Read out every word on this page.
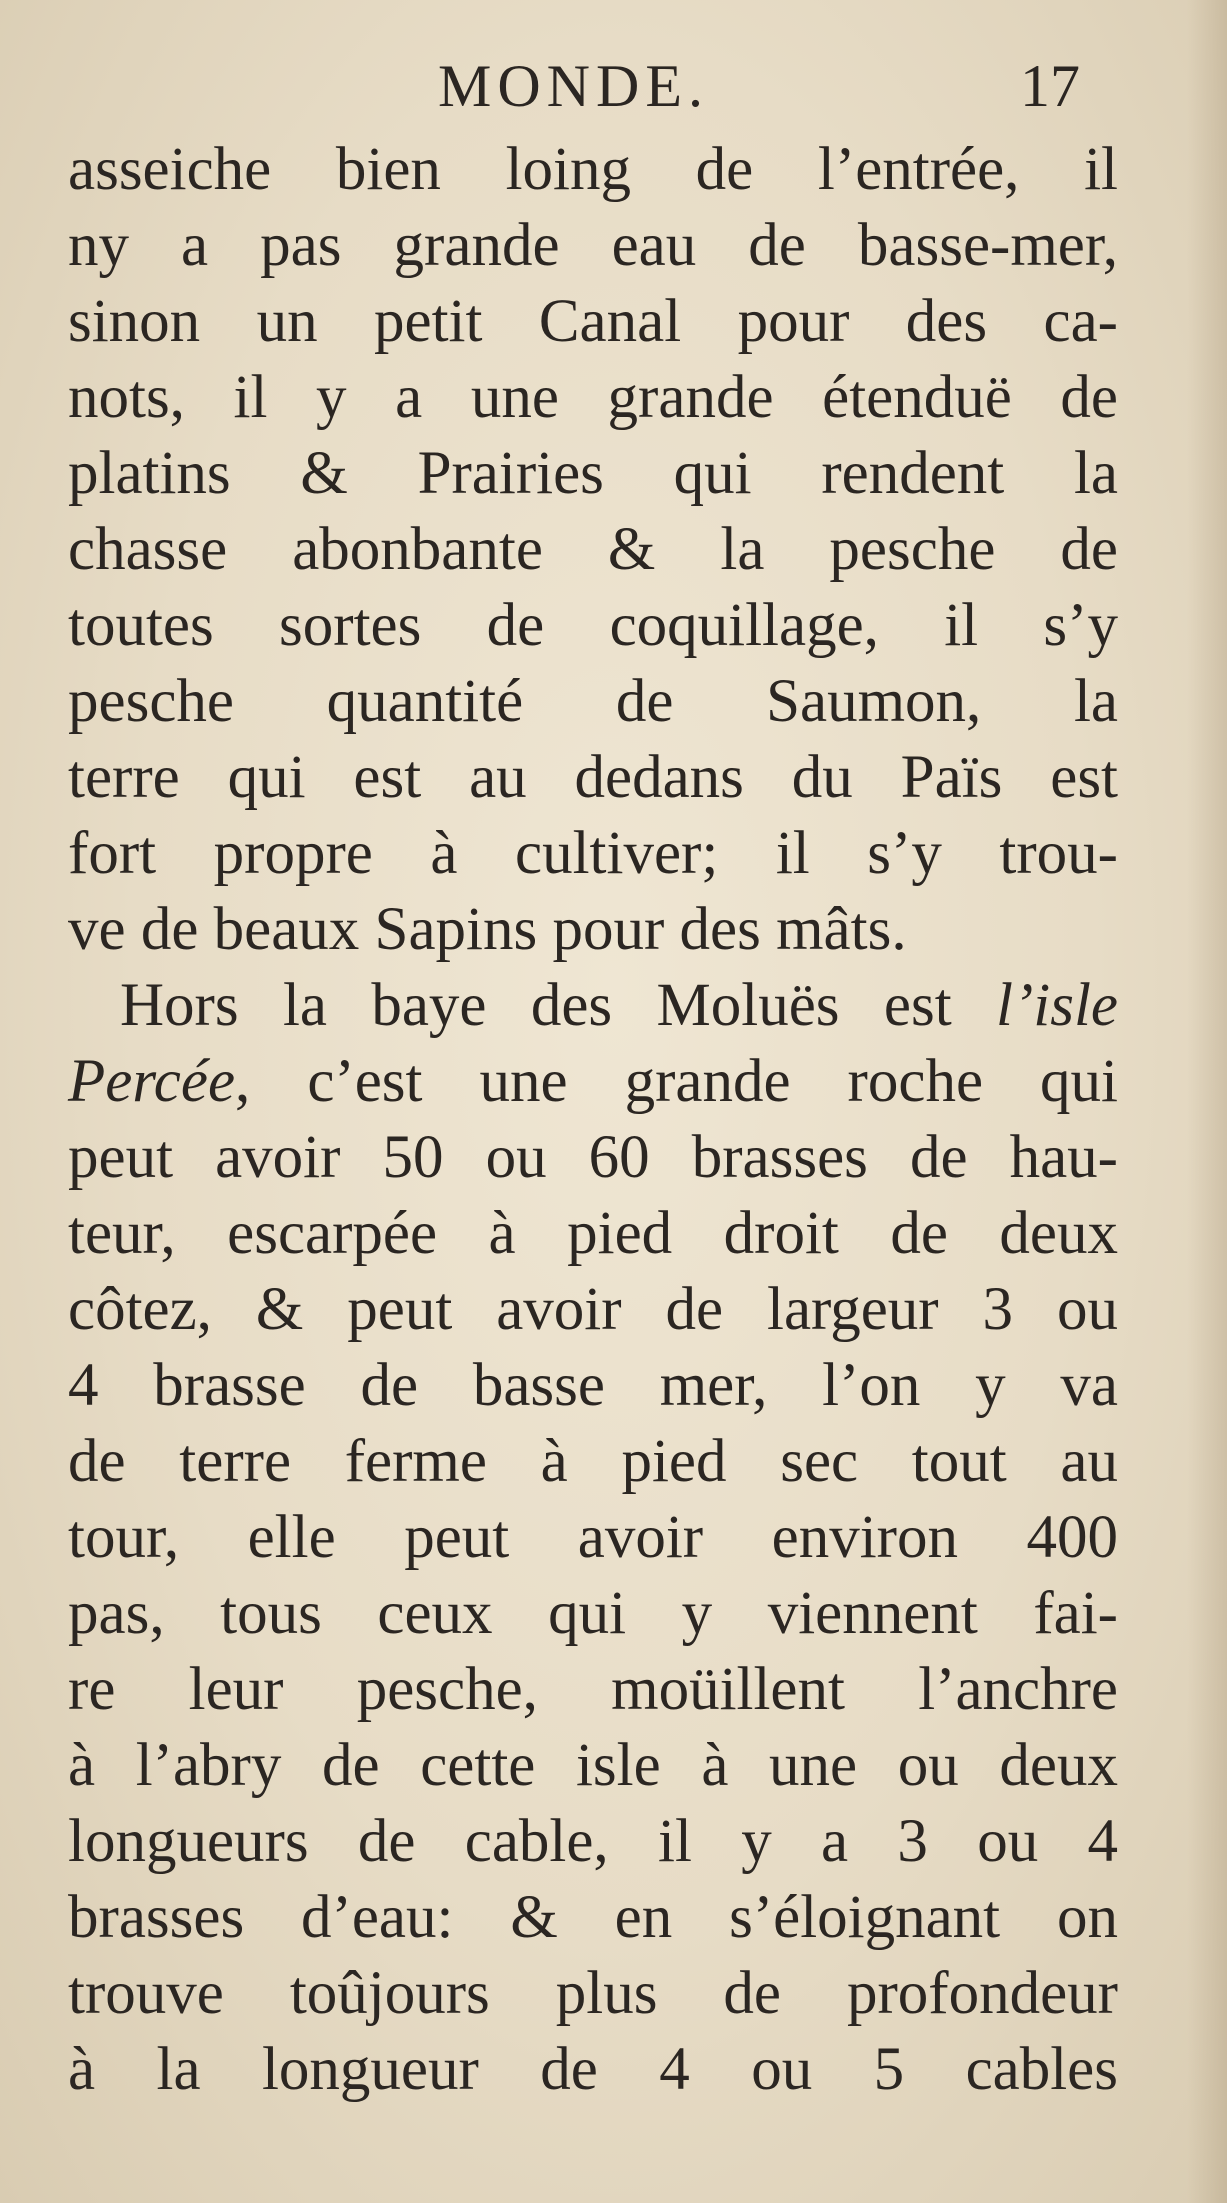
MONDE.	17
asseiche bien loing de l’entrée, il
ny a pas grande eau de basse-mer,
sinon un petit Canal pour des ca-
nots, il y a une grande étenduë de
platins & Prairies qui rendent la
chasse abonbante & la pesche de
toutes sortes de coquillage, il s’y
pesche quantité de Saumon, la
terre qui est au dedans du Païs est
fort propre à cultiver; il s’y trou-
ve de beaux Sapins pour des mâts.
Hors la baye des Moluës est l’isle
Percée, c’est une grande roche qui
peut avoir 50 ou 60 brasses de hau-
teur, escarpée à pied droit de deux
côtez, & peut avoir de largeur 3 ou
4 brasse de basse mer, l’on y va
de terre ferme à pied sec tout au
tour, elle peut avoir environ 400
pas, tous ceux qui y viennent fai-
re leur pesche, moüillent l’anchre
à l’abry de cette isle à une ou deux
longueurs de cable, il y a 3 ou 4
brasses d’eau: & en s’éloignant on
trouve toûjours plus de profondeur
à la longueur de 4 ou 5 cables
